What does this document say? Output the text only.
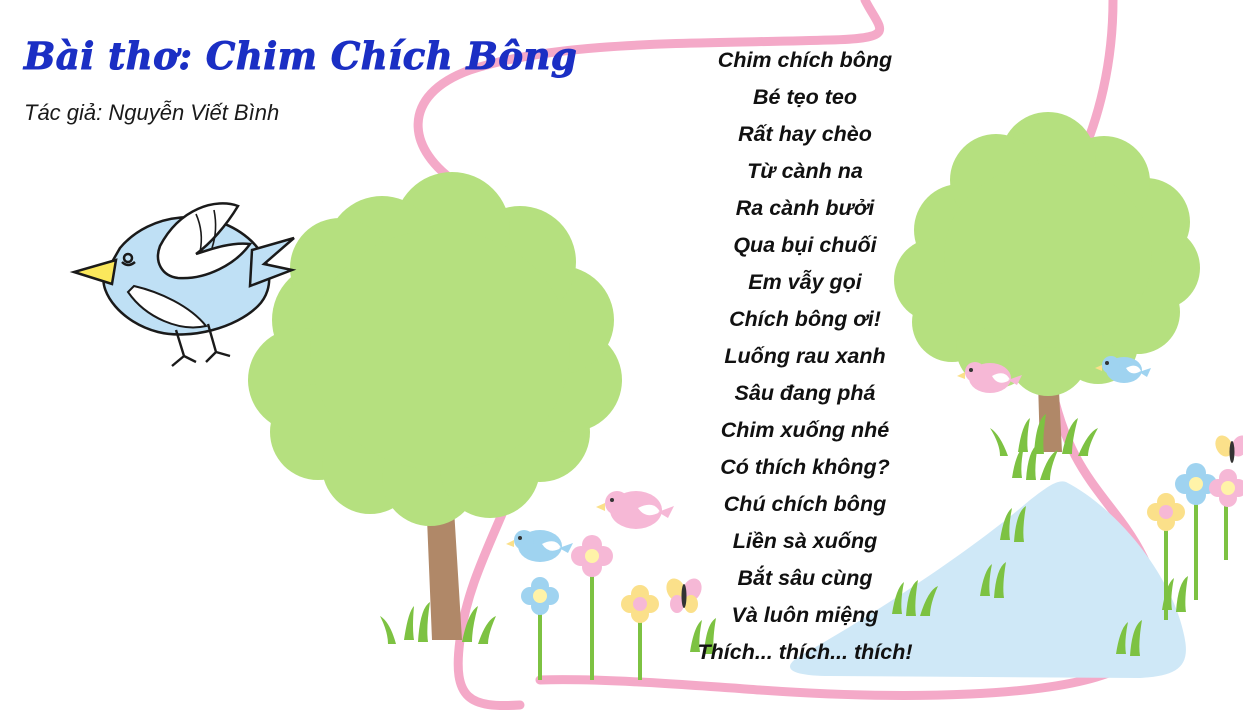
Bài thơ: Chim Chích Bông
Tác giả: Nguyễn Viết Bình
Chim chích bông
Bé tẹo teo
Rất hay chèo
Từ cành na
Ra cành bưởi
Qua bụi chuối
Em vẫy gọi
Chích bông ơi!
Luống rau xanh
Sâu đang phá
Chim xuống nhé
Có thích không?
Chú chích bông
Liền sà xuống
Bắt sâu cùng
Và luôn miệng
Thích... thích... thích!
